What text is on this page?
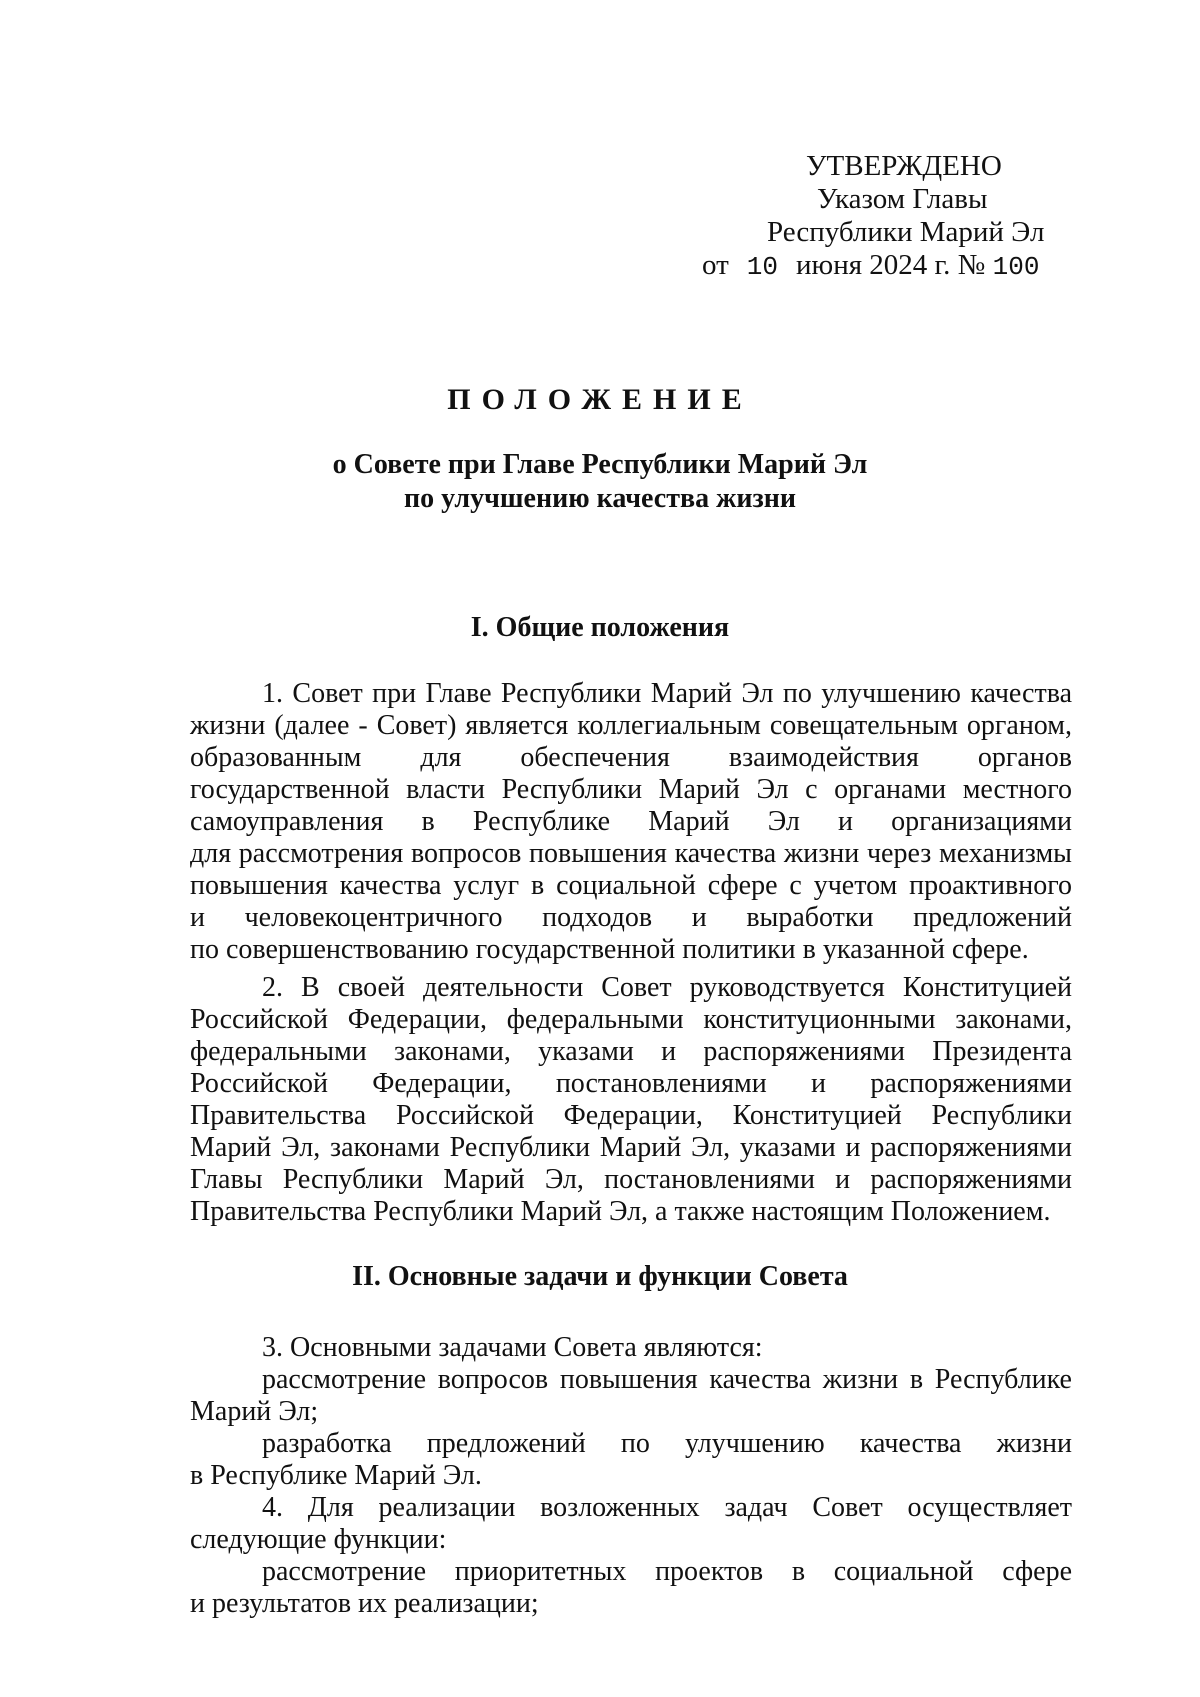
УТВЕРЖДЕНО
Указом Главы
Республики Марий Эл
от 10 июня 2024 г. № 100
ПОЛОЖЕНИЕ
о Совете при Главе Республики Марий Эл
по улучшению качества жизни
I. Общие положения
1. Совет при Главе Республики Марий Эл по улучшению качества
жизни (далее - Совет) является коллегиальным совещательным органом,
образованным для обеспечения взаимодействия органов
государственной власти Республики Марий Эл с органами местного
самоуправления в Республике Марий Эл и организациями
для рассмотрения вопросов повышения качества жизни через механизмы
повышения качества услуг в социальной сфере с учетом проактивного
и человекоцентричного подходов и выработки предложений
по совершенствованию государственной политики в указанной сфере.
2. В своей деятельности Совет руководствуется Конституцией
Российской Федерации, федеральными конституционными законами,
федеральными законами, указами и распоряжениями Президента
Российской Федерации, постановлениями и распоряжениями
Правительства Российской Федерации, Конституцией Республики
Марий Эл, законами Республики Марий Эл, указами и распоряжениями
Главы Республики Марий Эл, постановлениями и распоряжениями
Правительства Республики Марий Эл, а также настоящим Положением.
II. Основные задачи и функции Совета
3. Основными задачами Совета являются:
рассмотрение вопросов повышения качества жизни в Республике
Марий Эл;
разработка предложений по улучшению качества жизни
в Республике Марий Эл.
4. Для реализации возложенных задач Совет осуществляет
следующие функции:
рассмотрение приоритетных проектов в социальной сфере
и результатов их реализации;
